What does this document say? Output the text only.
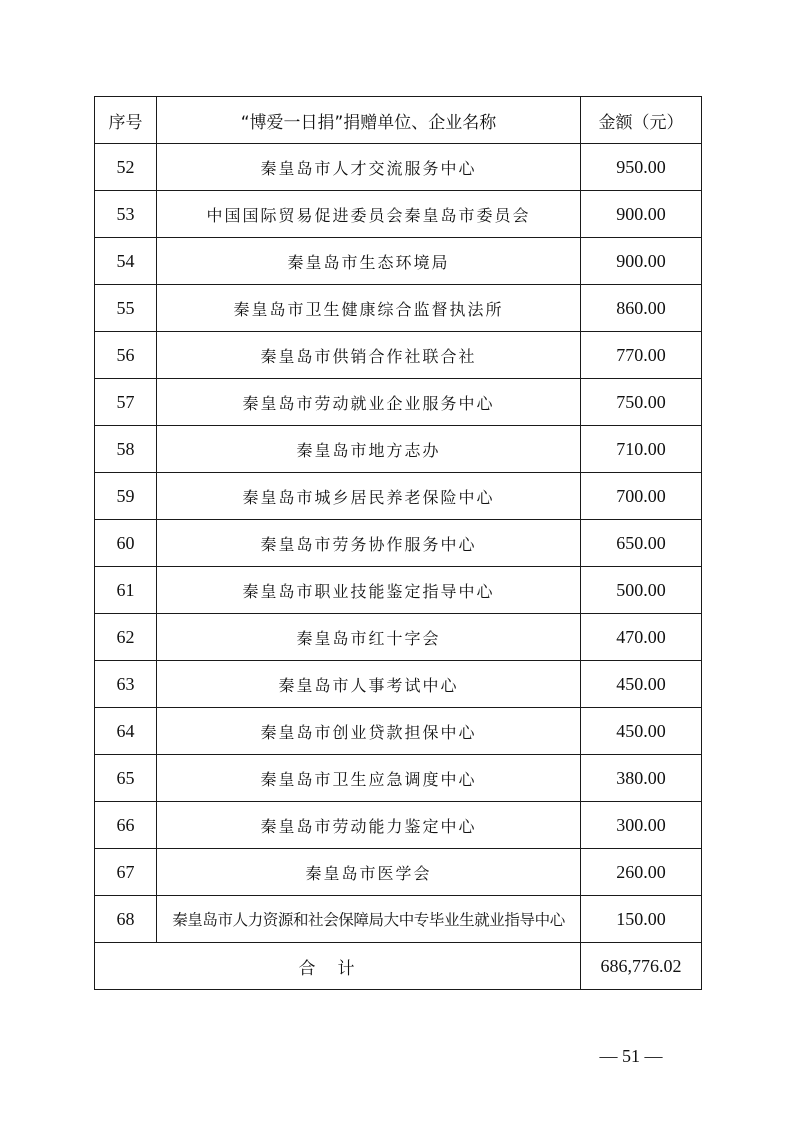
序号	“博爱一日捐”捐赠单位、企业名称	金额（元）
52	秦皇岛市人才交流服务中心	950.00
53	中国国际贸易促进委员会秦皇岛市委员会	900.00
54	秦皇岛市生态环境局	900.00
55	秦皇岛市卫生健康综合监督执法所	860.00
56	秦皇岛市供销合作社联合社	770.00
57	秦皇岛市劳动就业企业服务中心	750.00
58	秦皇岛市地方志办	710.00
59	秦皇岛市城乡居民养老保险中心	700.00
60	秦皇岛市劳务协作服务中心	650.00
61	秦皇岛市职业技能鉴定指导中心	500.00
62	秦皇岛市红十字会	470.00
63	秦皇岛市人事考试中心	450.00
64	秦皇岛市创业贷款担保中心	450.00
65	秦皇岛市卫生应急调度中心	380.00
66	秦皇岛市劳动能力鉴定中心	300.00
67	秦皇岛市医学会	260.00
68	秦皇岛市人力资源和社会保障局大中专毕业生就业指导中心	150.00
合计		686,776.02
— 51 —
